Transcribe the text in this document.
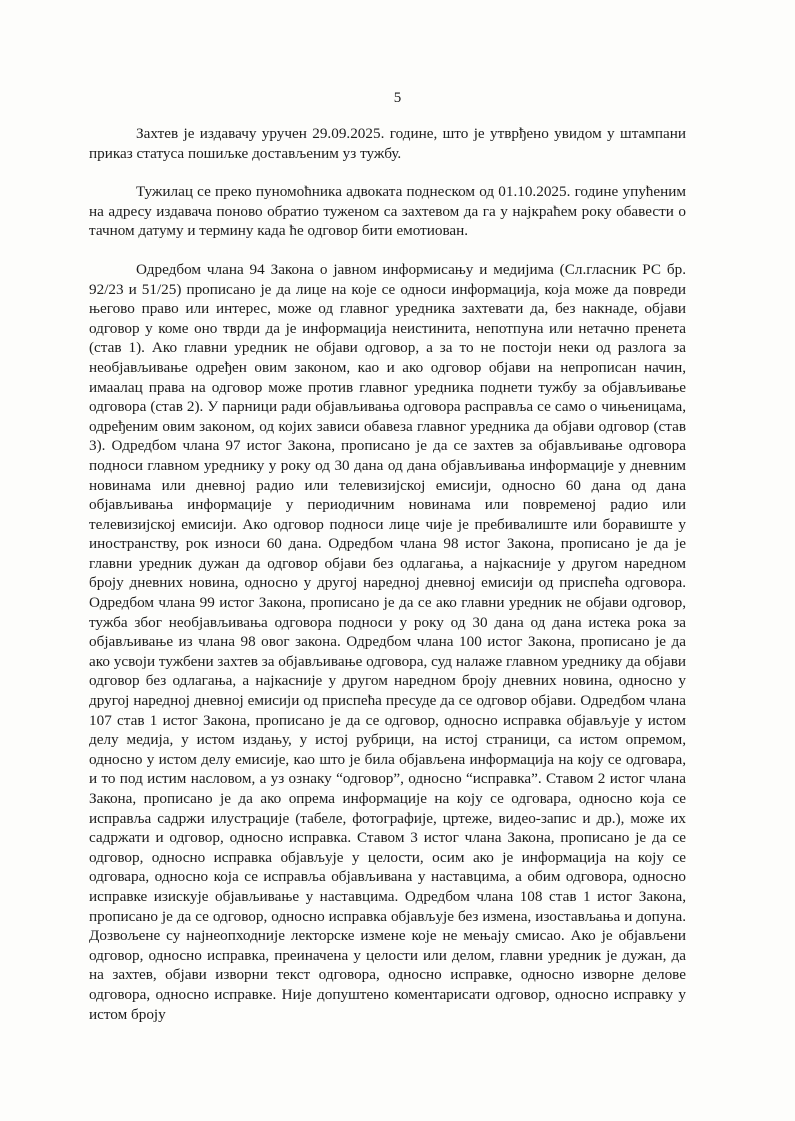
5

Захтев је издавачу уручен 29.09.2025. године, што је утврђено увидом у штампани приказ статуса пошиљке достављеним уз тужбу.

Тужилац се преко пуномоћника адвоката поднеском од 01.10.2025. године упућеним на адресу издавача поново обратио туженом са захтевом да га у најкраћем року обавести о тачном датуму и термину када ће одговор бити емотиован.

Одредбом члана 94 Закона о јавном информисању и медијима (Сл.гласник РС бр. 92/23 и 51/25) прописано је да лице на које се односи информација, која може да повреди његово право или интерес, може од главног уредника захтевати да, без накнаде, објави одговор у коме оно тврди да је информација неистинита, непотпуна или нетачно пренета (став 1). Ако главни уредник не објави одговор, а за то не постоји неки од разлога за необјављивање одређен овим законом, као и ако одговор објави на непрописан начин, имаалац права на одговор може против главног уредника поднети тужбу за објављивање одговора (став 2). У парници ради објављивања одговора расправља се само о чињеницама, одређеним овим законом, од којих зависи обавеза главног уредника да објави одговор (став 3). Одредбом члана 97 истог Закона, прописано је да се захтев за објављивање одговора подноси главном уреднику у року од 30 дана од дана објављивања информације у дневним новинама или дневној радио или телевизијској емисији, односно 60 дана од дана објављивања информације у периодичним новинама или повременој радио или телевизијској емисији. Ако одговор подноси лице чије је пребивалиште или боравиште у иностранству, рок износи 60 дана. Одредбом члана 98 истог Закона, прописано је да је главни уредник дужан да одговор објави без одлагања, а најкасније у другом наредном броју дневних новина, односно у другој наредној дневној емисији од приспећа одговора. Одредбом члана 99 истог Закона, прописано је да се ако главни уредник не објави одговор, тужба због необјављивања одговора подноси у року од 30 дана од дана истека рока за објављивање из члана 98 овог закона. Одредбом члана 100 истог Закона, прописано је да ако усвоји тужбени захтев за објављивање одговора, суд налаже главном уреднику да објави одговор без одлагања, а најкасније у другом наредном броју дневних новина, односно у другој наредној дневној емисији од приспећа пресуде да се одговор објави. Одредбом члана 107 став 1 истог Закона, прописано је да се одговор, односно исправка објављује у истом делу медија, у истом издању, у истој рубрици, на истој страници, са истом опремом, односно у истом делу емисије, као што је била објављена информација на коју се одговара, и то под истим насловом, а уз ознаку “одговор”, односно “исправка”. Ставом 2 истог члана Закона, прописано је да ако опрема информације на коју се одговара, односно која се исправља садржи илустрације (табеле, фотографије, цртеже, видео-запис и др.), може их садржати и одговор, односно исправка. Ставом 3 истог члана Закона, прописано је да се одговор, односно исправка објављује у целости, осим ако је информација на коју се одговара, односно која се исправља објављивана у наставцима, а обим одговора, односно исправке изискује објављивање у наставцима. Одредбом члана 108 став 1 истог Закона, прописано је да се одговор, односно исправка објављује без измена, изостављања и допуна. Дозвољене су најнеопходније лекторске измене које не мењају смисао. Ако је објављени одговор, односно исправка, преиначена у целости или делом, главни уредник је дужан, да на захтев, објави изворни текст одговора, односно исправке, односно изворне делове одговора, односно исправке. Није допуштено коментарисати одговор, односно исправку у истом броју
